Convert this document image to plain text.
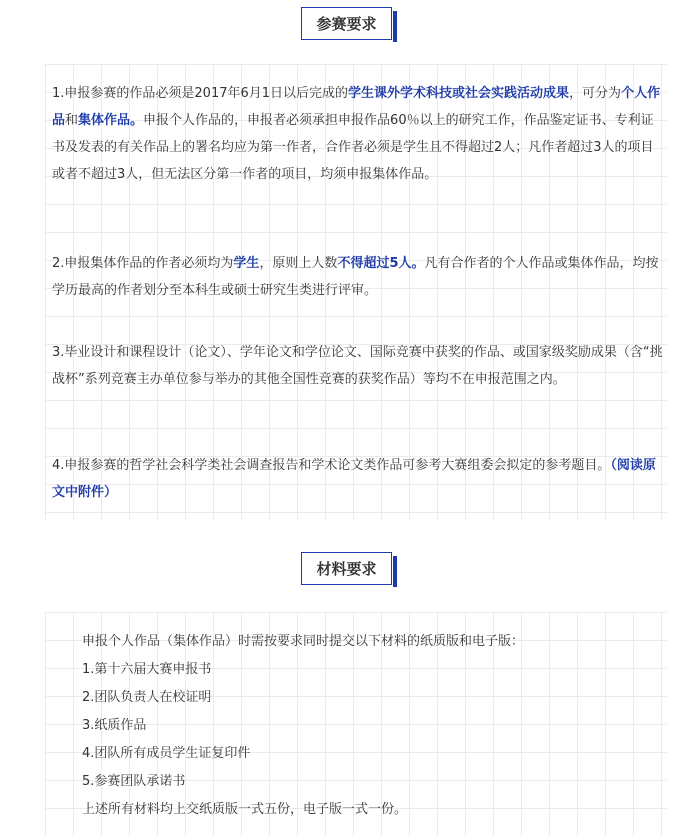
参赛要求
1.申报参赛的作品必须是2017年6月1日以后完成的学生课外学术科技或社会实践活动成果，可分为个人作品和集体作品。申报个人作品的，申报者必须承担申报作品60％以上的研究工作，作品鉴定证书、专利证书及发表的有关作品上的署名均应为第一作者，合作者必须是学生且不得超过2人；凡作者超过3人的项目或者不超过3人，但无法区分第一作者的项目，均须申报集体作品。
2.申报集体作品的作者必须均为学生，原则上人数不得超过5人。凡有合作者的个人作品或集体作品，均按学历最高的作者划分至本科生或硕士研究生类进行评审。
3.毕业设计和课程设计（论文）、学年论文和学位论文、国际竞赛中获奖的作品、或国家级奖励成果（含“挑战杯”系列竞赛主办单位参与举办的其他全国性竞赛的获奖作品）等均不在申报范围之内。
4.申报参赛的哲学社会科学类社会调查报告和学术论文类作品可参考大赛组委会拟定的参考题目。（阅读原文中附件）
材料要求
申报个人作品（集体作品）时需按要求同时提交以下材料的纸质版和电子版：
1.第十六届大赛申报书
2.团队负责人在校证明
3.纸质作品
4.团队所有成员学生证复印件
5.参赛团队承诺书
上述所有材料均上交纸质版一式五份，电子版一式一份。
